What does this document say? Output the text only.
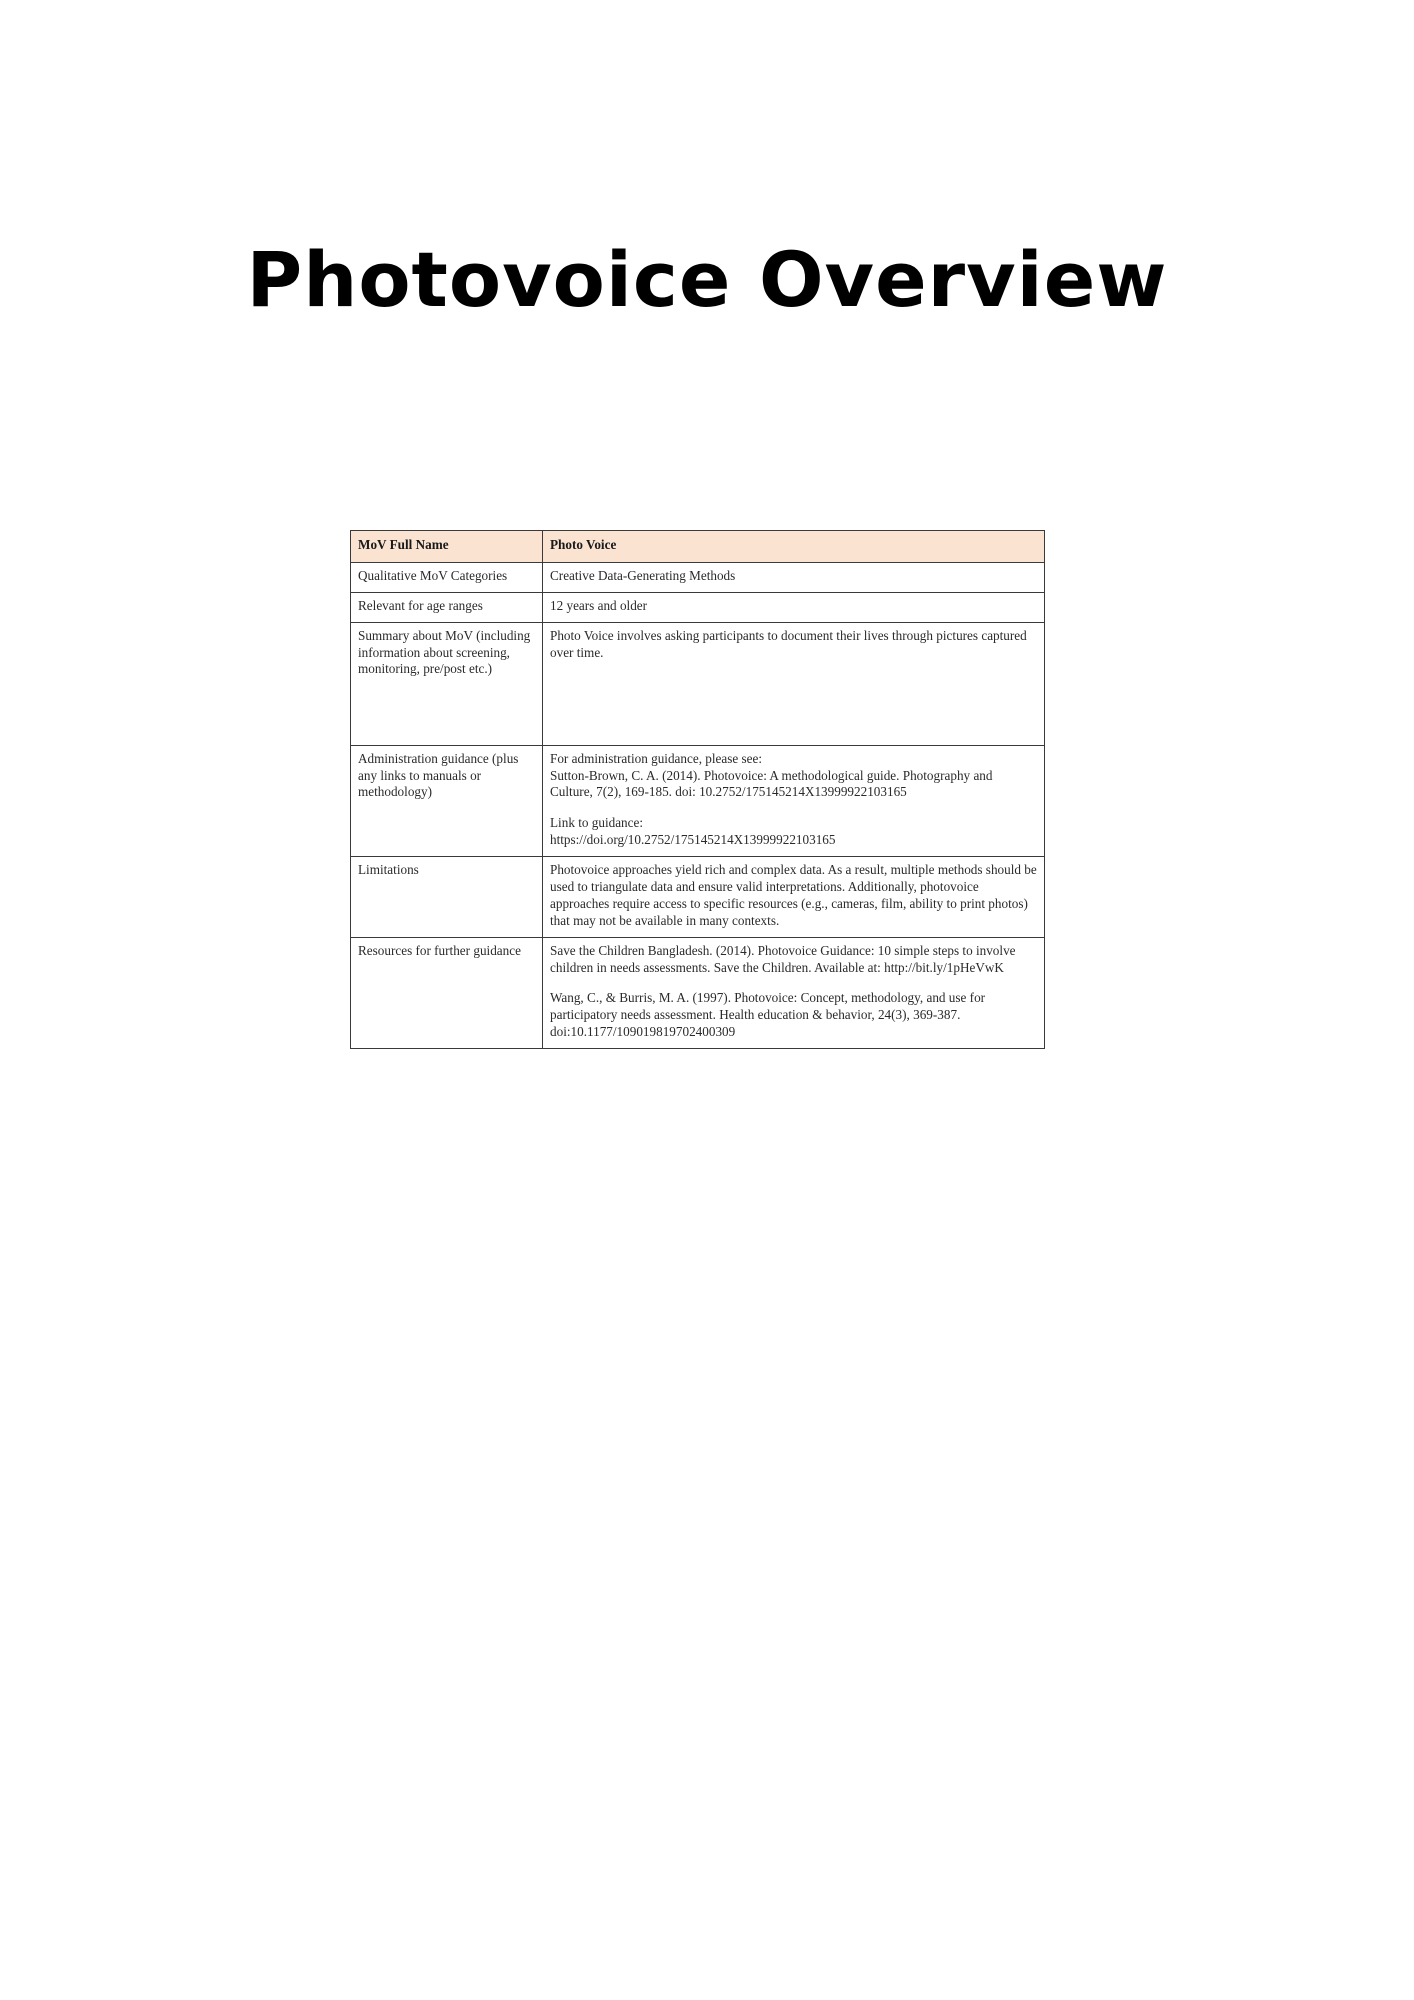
Photovoice Overview
MoV Full Name	Photo Voice
Qualitative MoV Categories	Creative Data-Generating Methods
Relevant for age ranges	12 years and older
Summary about MoV (including information about screening, monitoring, pre/post etc.)	Photo Voice involves asking participants to document their lives through pictures captured over time.
Administration guidance (plus any links to manuals or methodology)	For administration guidance, please see:

Sutton-Brown, C. A. (2014). Photovoice: A methodological guide. Photography and Culture, 7(2), 169-185. doi: 10.2752/175145214X13999922103165

Link to guidance:

https://doi.org/10.2752/175145214X13999922103165

Limitations	Photovoice approaches yield rich and complex data. As a result, multiple methods should be used to triangulate data and ensure valid interpretations. Additionally, photovoice approaches require access to specific resources (e.g., cameras, film, ability to print photos) that may not be available in many contexts.
Resources for further guidance	Save the Children Bangladesh. (2014). Photovoice Guidance: 10 simple steps to involve children in needs assessments. Save the Children. Available at: http://bit.ly/1pHeVwK

Wang, C., & Burris, M. A. (1997). Photovoice: Concept, methodology, and use for participatory needs assessment. Health education & behavior, 24(3), 369-387. doi:10.1177/109019819702400309
